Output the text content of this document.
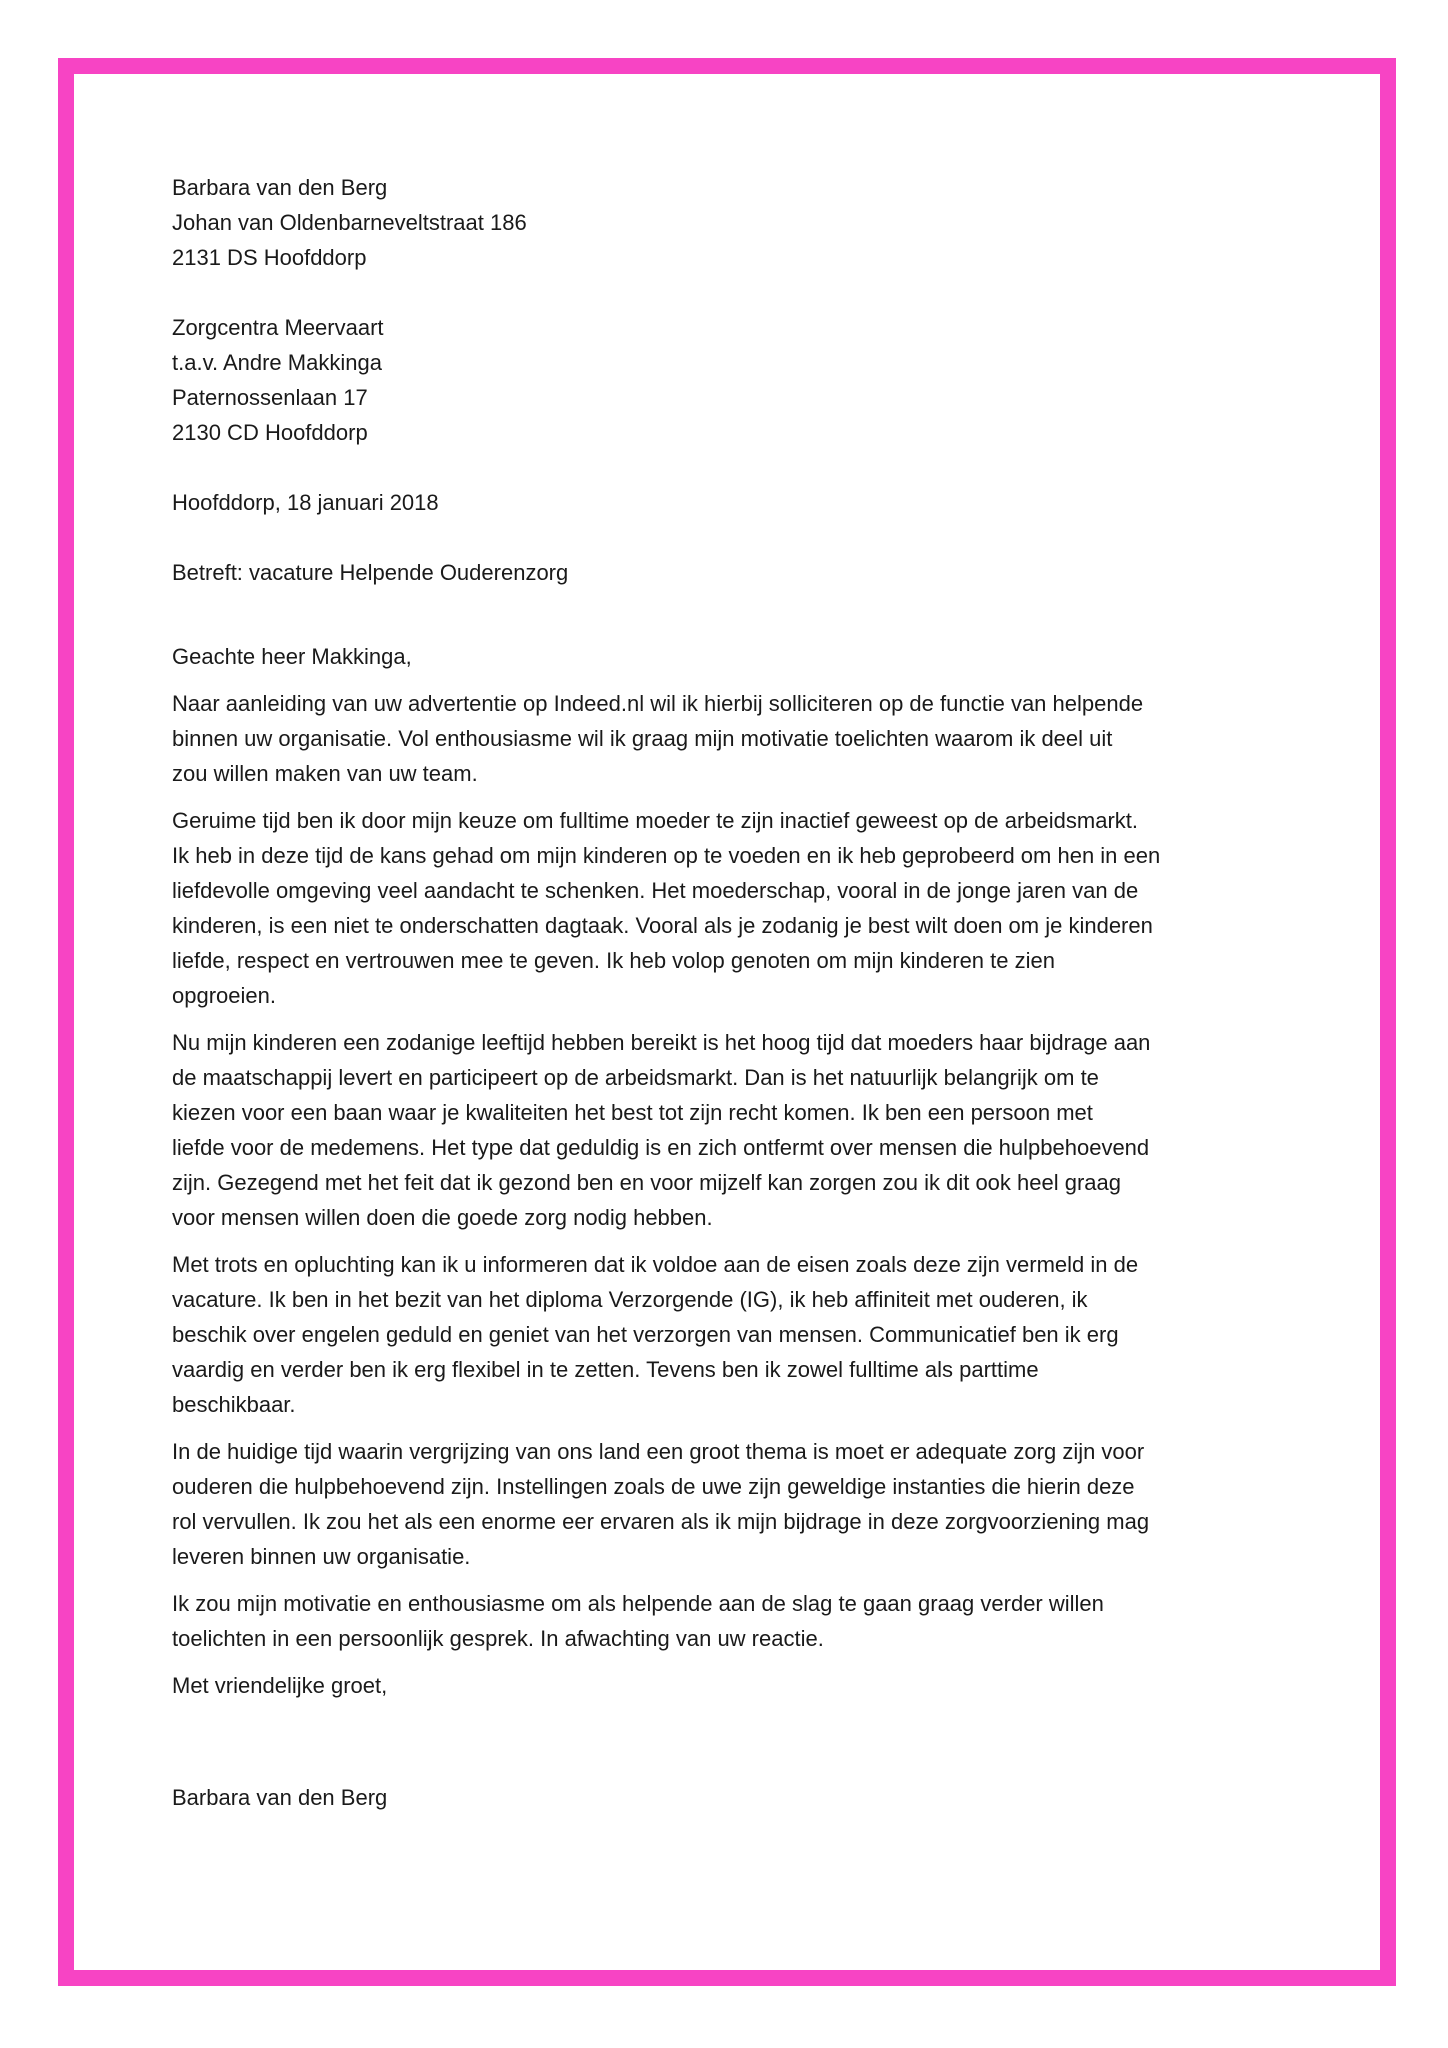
Barbara van den Berg
Johan van Oldenbarneveltstraat 186
2131 DS Hoofddorp
Zorgcentra Meervaart
t.a.v. Andre Makkinga
Paternossenlaan 17
2130 CD Hoofddorp
Hoofddorp, 18 januari 2018
Betreft: vacature Helpende Ouderenzorg
Geachte heer Makkinga,
Naar aanleiding van uw advertentie op Indeed.nl wil ik hierbij solliciteren op de functie van helpende
binnen uw organisatie. Vol enthousiasme wil ik graag mijn motivatie toelichten waarom ik deel uit
zou willen maken van uw team.
Geruime tijd ben ik door mijn keuze om fulltime moeder te zijn inactief geweest op de arbeidsmarkt.
Ik heb in deze tijd de kans gehad om mijn kinderen op te voeden en ik heb geprobeerd om hen in een
liefdevolle omgeving veel aandacht te schenken. Het moederschap, vooral in de jonge jaren van de
kinderen, is een niet te onderschatten dagtaak. Vooral als je zodanig je best wilt doen om je kinderen
liefde, respect en vertrouwen mee te geven. Ik heb volop genoten om mijn kinderen te zien
opgroeien.
Nu mijn kinderen een zodanige leeftijd hebben bereikt is het hoog tijd dat moeders haar bijdrage aan
de maatschappij levert en participeert op de arbeidsmarkt. Dan is het natuurlijk belangrijk om te
kiezen voor een baan waar je kwaliteiten het best tot zijn recht komen. Ik ben een persoon met
liefde voor de medemens. Het type dat geduldig is en zich ontfermt over mensen die hulpbehoevend
zijn. Gezegend met het feit dat ik gezond ben en voor mijzelf kan zorgen zou ik dit ook heel graag
voor mensen willen doen die goede zorg nodig hebben.
Met trots en opluchting kan ik u informeren dat ik voldoe aan de eisen zoals deze zijn vermeld in de
vacature. Ik ben in het bezit van het diploma Verzorgende (IG), ik heb affiniteit met ouderen, ik
beschik over engelen geduld en geniet van het verzorgen van mensen. Communicatief ben ik erg
vaardig en verder ben ik erg flexibel in te zetten. Tevens ben ik zowel fulltime als parttime
beschikbaar.
In de huidige tijd waarin vergrijzing van ons land een groot thema is moet er adequate zorg zijn voor
ouderen die hulpbehoevend zijn. Instellingen zoals de uwe zijn geweldige instanties die hierin deze
rol vervullen. Ik zou het als een enorme eer ervaren als ik mijn bijdrage in deze zorgvoorziening mag
leveren binnen uw organisatie.
Ik zou mijn motivatie en enthousiasme om als helpende aan de slag te gaan graag verder willen
toelichten in een persoonlijk gesprek. In afwachting van uw reactie.
Met vriendelijke groet,
Barbara van den Berg
